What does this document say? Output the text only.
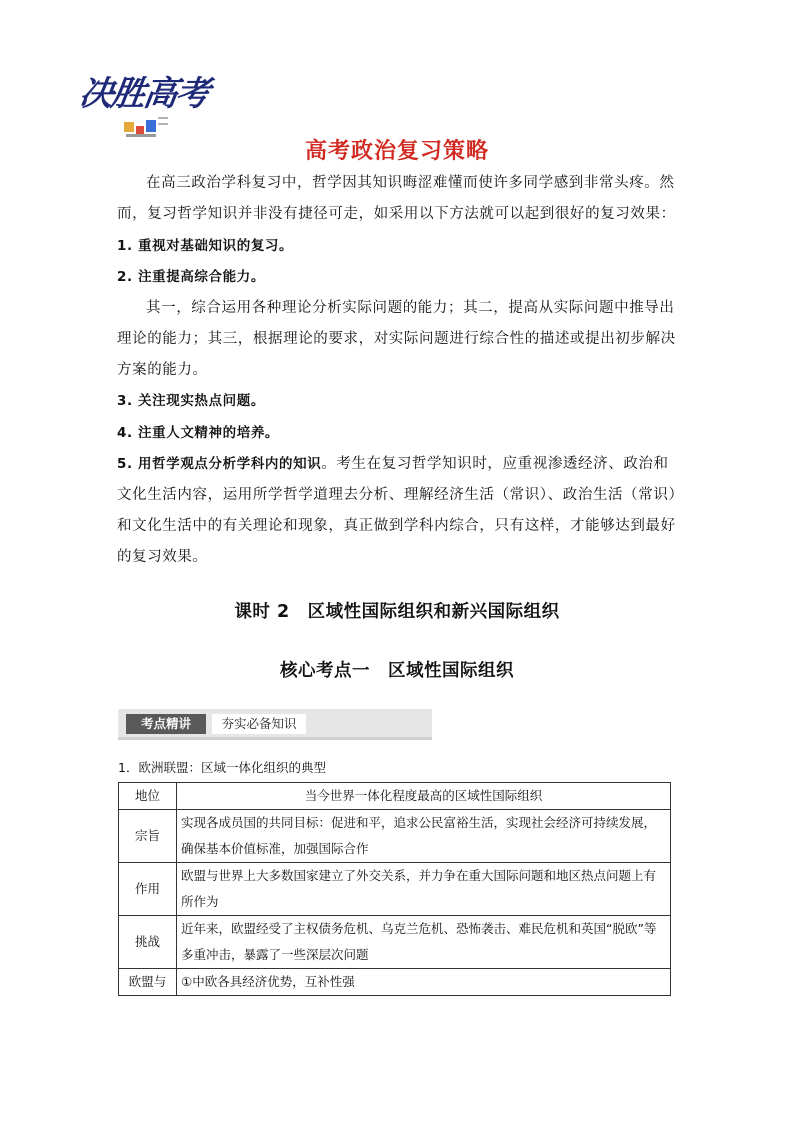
决胜高考
高考政治复习策略
在高三政治学科复习中，哲学因其知识晦涩难懂而使许多同学感到非常头疼。然而，复习哲学知识并非没有捷径可走，如采用以下方法就可以起到很好的复习效果：
1. 重视对基础知识的复习。
2. 注重提高综合能力。
其一，综合运用各种理论分析实际问题的能力；其二，提高从实际问题中推导出理论的能力；其三，根据理论的要求，对实际问题进行综合性的描述或提出初步解决方案的能力。
3. 关注现实热点问题。
4. 注重人文精神的培养。
5. 用哲学观点分析学科内的知识。考生在复习哲学知识时，应重视渗透经济、政治和文化生活内容，运用所学哲学道理去分析、理解经济生活（常识）、政治生活（常识）和文化生活中的有关理论和现象，真正做到学科内综合，只有这样，才能够达到最好的复习效果。
课时 2　区域性国际组织和新兴国际组织
核心考点一　区域性国际组织
考点精讲	夯实必备知识
1．欧洲联盟：区域一体化组织的典型
地位	当今世界一体化程度最高的区域性国际组织
宗旨	实现各成员国的共同目标：促进和平，追求公民富裕生活，实现社会经济可持续发展，确保基本价值标准，加强国际合作
作用	欧盟与世界上大多数国家建立了外交关系，并力争在重大国际问题和地区热点问题上有所作为
挑战	近年来，欧盟经受了主权债务危机、乌克兰危机、恐怖袭击、难民危机和英国“脱欧”等多重冲击，暴露了一些深层次问题
欧盟与	①中欧各具经济优势，互补性强
